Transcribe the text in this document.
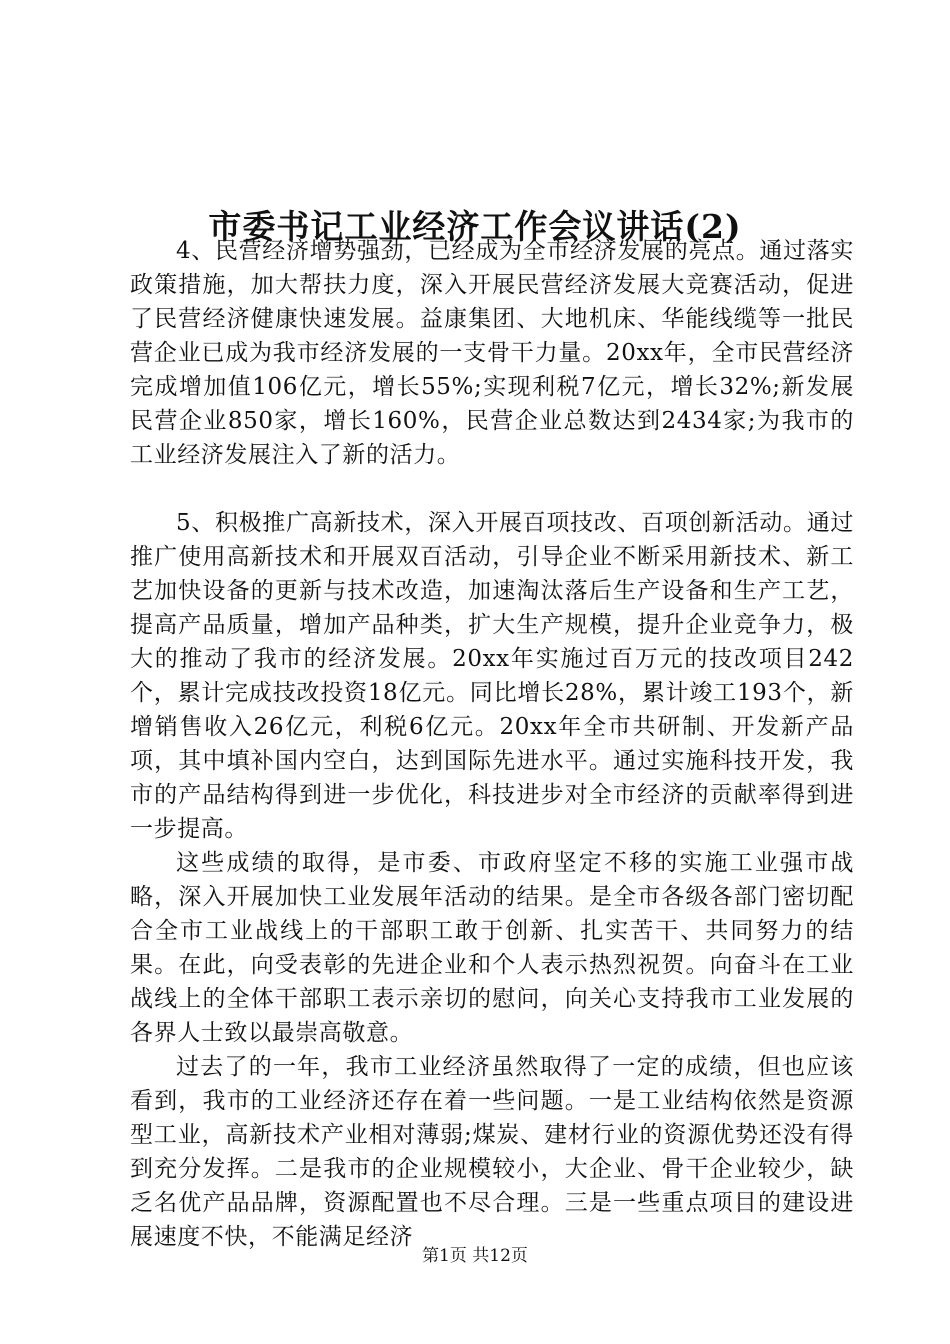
市委书记工业经济工作会议讲话(2)

4、民营经济增势强劲，已经成为全市经济发展的亮点。通过落实政策措施，加大帮扶力度，深入开展民营经济发展大竞赛活动，促进了民营经济健康快速发展。益康集团、大地机床、华能线缆等一批民营企业已成为我市经济发展的一支骨干力量。20xx年，全市民营经济完成增加值106亿元，增长55%;实现利税7亿元，增长32%;新发展民营企业850家，增长160%，民营企业总数达到2434家;为我市的工业经济发展注入了新的活力。

5、积极推广高新技术，深入开展百项技改、百项创新活动。通过推广使用高新技术和开展双百活动，引导企业不断采用新技术、新工艺加快设备的更新与技术改造，加速淘汰落后生产设备和生产工艺，提高产品质量，增加产品种类，扩大生产规模，提升企业竞争力，极大的推动了我市的经济发展。20xx年实施过百万元的技改项目242个，累计完成技改投资18亿元。同比增长28%，累计竣工193个，新增销售收入26亿元，利税6亿元。20xx年全市共研制、开发新产品项，其中填补国内空白，达到国际先进水平。通过实施科技开发，我市的产品结构得到进一步优化，科技进步对全市经济的贡献率得到进一步提高。

这些成绩的取得，是市委、市政府坚定不移的实施工业强市战略，深入开展加快工业发展年活动的结果。是全市各级各部门密切配合全市工业战线上的干部职工敢于创新、扎实苦干、共同努力的结果。在此，向受表彰的先进企业和个人表示热烈祝贺。向奋斗在工业战线上的全体干部职工表示亲切的慰问，向关心支持我市工业发展的各界人士致以最崇高敬意。

过去了的一年，我市工业经济虽然取得了一定的成绩，但也应该看到，我市的工业经济还存在着一些问题。一是工业结构依然是资源型工业，高新技术产业相对薄弱;煤炭、建材行业的资源优势还没有得到充分发挥。二是我市的企业规模较小，大企业、骨干企业较少，缺乏名优产品品牌，资源配置也不尽合理。三是一些重点项目的建设进展速度不快，不能满足经济

第1页 共12页
